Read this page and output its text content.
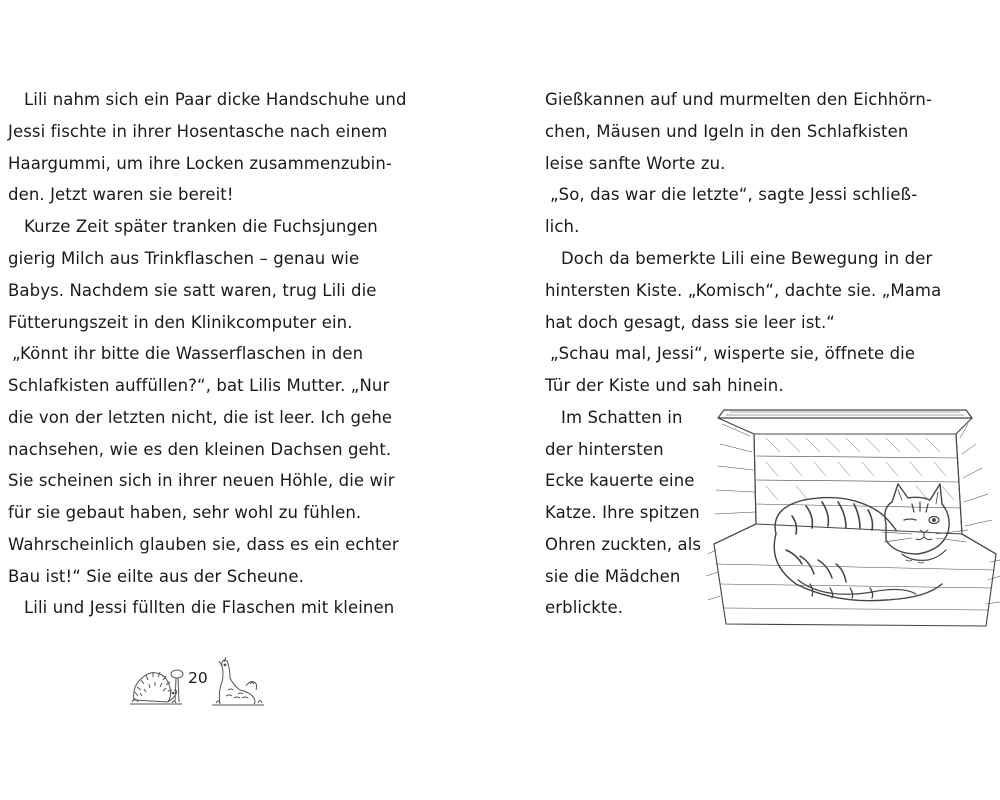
Lili nahm sich ein Paar dicke Handschuhe und
Jessi fischte in ihrer Hosentasche nach einem
Haargummi, um ihre Locken zusammenzubin-
den. Jetzt waren sie bereit!
Kurze Zeit später tranken die Fuchsjungen
gierig Milch aus Trinkflaschen – genau wie
Babys. Nachdem sie satt waren, trug Lili die
Fütterungszeit in den Klinikcomputer ein.
„Könnt ihr bitte die Wasserflaschen in den
Schlafkisten auffüllen?“, bat Lilis Mutter. „Nur
die von der letzten nicht, die ist leer. Ich gehe
nachsehen, wie es den kleinen Dachsen geht.
Sie scheinen sich in ihrer neuen Höhle, die wir
für sie gebaut haben, sehr wohl zu fühlen.
Wahrscheinlich glauben sie, dass es ein echter
Bau ist!“ Sie eilte aus der Scheune.
Lili und Jessi füllten die Flaschen mit kleinen
20
Gießkannen auf und murmelten den Eichhörn-
chen, Mäusen und Igeln in den Schlafkisten
leise sanfte Worte zu.
„So, das war die letzte“, sagte Jessi schließ-
lich.
Doch da bemerkte Lili eine Bewegung in der
hintersten Kiste. „Komisch“, dachte sie. „Mama
hat doch gesagt, dass sie leer ist.“
„Schau mal, Jessi“, wisperte sie, öffnete die
Tür der Kiste und sah hinein.
Im Schatten in
der hintersten
Ecke kauerte eine
Katze. Ihre spitzen
Ohren zuckten, als
sie die Mädchen
erblickte.
